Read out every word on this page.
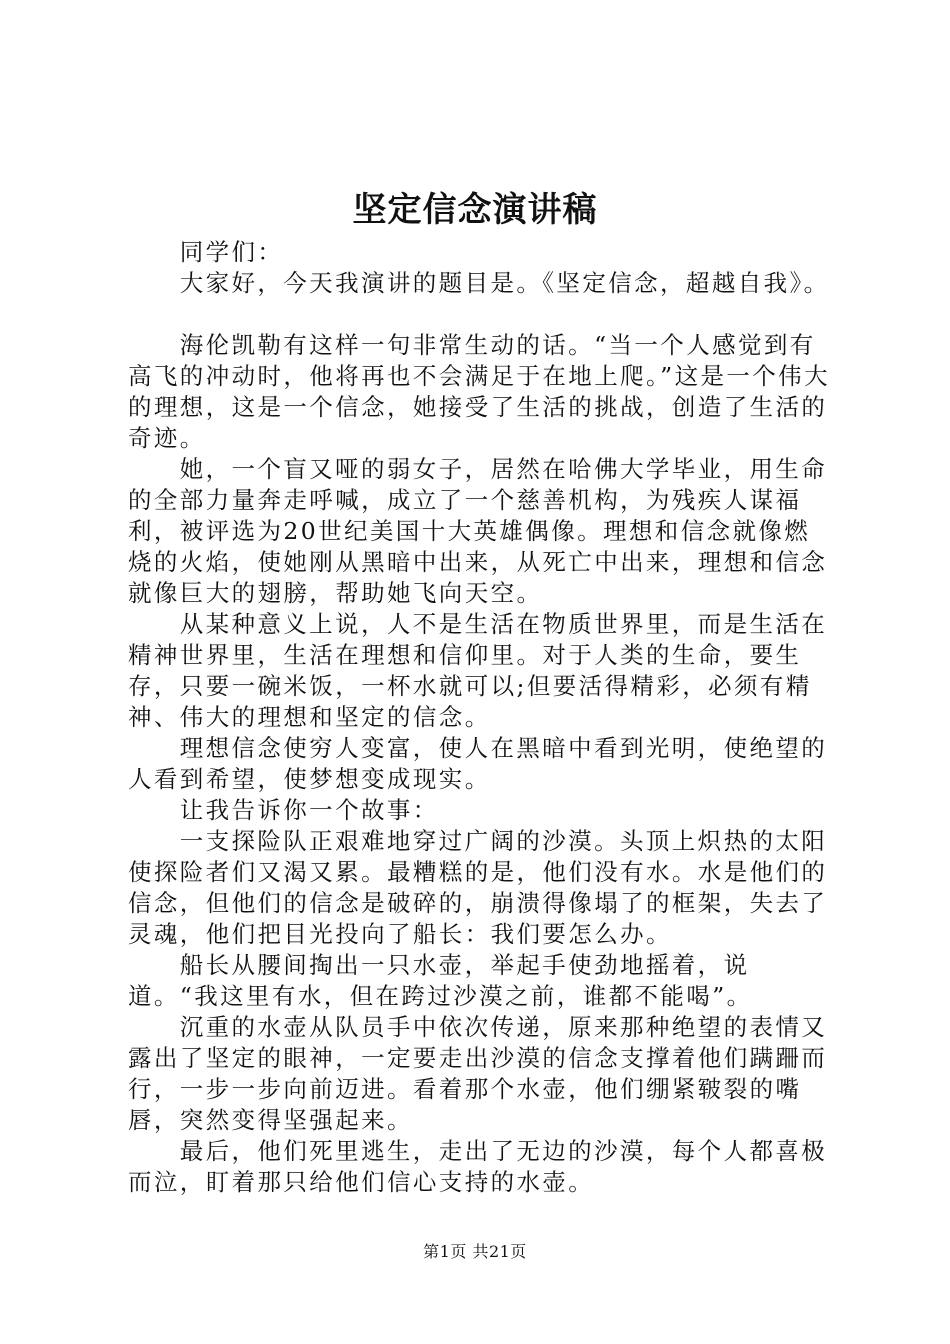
坚定信念演讲稿

同学们：

大家好，今天我演讲的题目是。《坚定信念，超越自我》。

海伦凯勒有这样一句非常生动的话。“当一个人感觉到有高飞的冲动时，他将再也不会满足于在地上爬。”这是一个伟大的理想，这是一个信念，她接受了生活的挑战，创造了生活的奇迹。

她，一个盲又哑的弱女子，居然在哈佛大学毕业，用生命的全部力量奔走呼喊，成立了一个慈善机构，为残疾人谋福利，被评选为20世纪美国十大英雄偶像。理想和信念就像燃烧的火焰，使她刚从黑暗中出来，从死亡中出来，理想和信念就像巨大的翅膀，帮助她飞向天空。

从某种意义上说，人不是生活在物质世界里，而是生活在精神世界里，生活在理想和信仰里。对于人类的生命，要生存，只要一碗米饭，一杯水就可以;但要活得精彩，必须有精神、伟大的理想和坚定的信念。

理想信念使穷人变富，使人在黑暗中看到光明，使绝望的人看到希望，使梦想变成现实。

让我告诉你一个故事：

一支探险队正艰难地穿过广阔的沙漠。头顶上炽热的太阳使探险者们又渴又累。最糟糕的是，他们没有水。水是他们的信念，但他们的信念是破碎的，崩溃得像塌了的框架，失去了灵魂，他们把目光投向了船长：我们要怎么办。

船长从腰间掏出一只水壶，举起手使劲地摇着，说道。“我这里有水，但在跨过沙漠之前，谁都不能喝”。

沉重的水壶从队员手中依次传递，原来那种绝望的表情又露出了坚定的眼神，一定要走出沙漠的信念支撑着他们蹒跚而行，一步一步向前迈进。看着那个水壶，他们绷紧皲裂的嘴唇，突然变得坚强起来。

最后，他们死里逃生，走出了无边的沙漠，每个人都喜极而泣，盯着那只给他们信心支持的水壶。

第1页 共21页
